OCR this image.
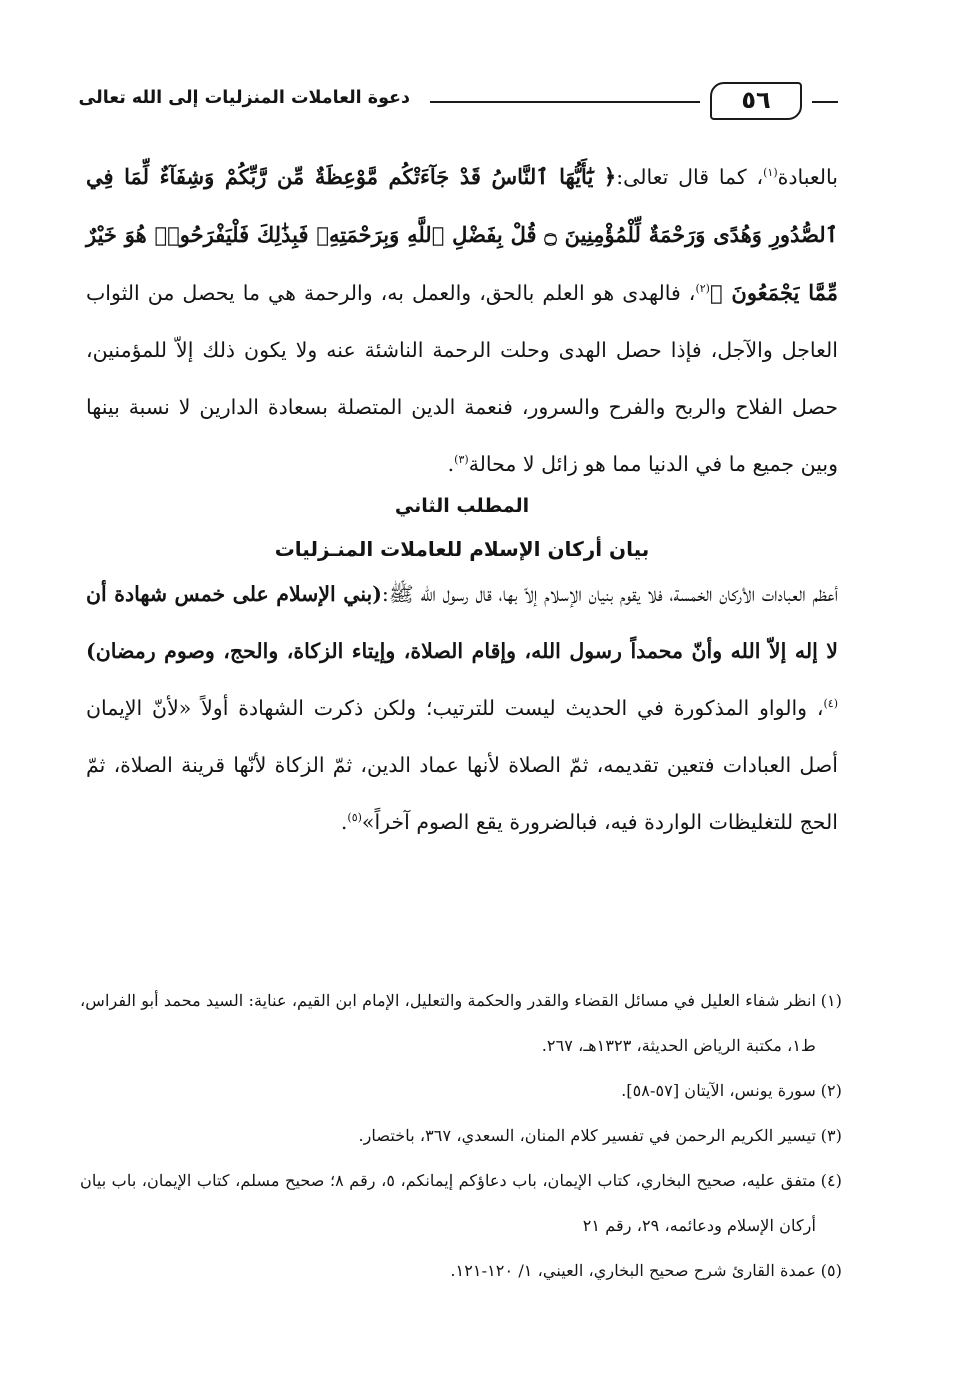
دعوة العاملات المنزليات إلى الله تعالى	٥٦

بالعبادة$^{(١)}$، كما قال تعالى:﴿ يَٰٓأَيُّهَا ٱلنَّاسُ قَدْ جَآءَتْكُم مَّوْعِظَةٌ مِّن رَّبِّكُمْ وَشِفَآءٌ لِّمَا فِي ٱلصُّدُورِ وَهُدًى وَرَحْمَةٌ لِّلْمُؤْمِنِينَ ۝ قُلْ بِفَضْلِ ٱللَّهِ وَبِرَحْمَتِهِۦ فَبِذَٰلِكَ فَلْيَفْرَحُوا۟ هُوَ خَيْرٌ مِّمَّا يَجْمَعُونَ ﴾$^{(٢)}$، فالهدى هو العلم بالحق، والعمل به، والرحمة هي ما يحصل من الثواب العاجل والآجل، فإذا حصل الهدى وحلت الرحمة الناشئة عنه ولا يكون ذلك إلاّ للمؤمنين، حصل الفلاح والربح والفرح والسرور، فنعمة الدين المتصلة بسعادة الدارين لا نسبة بينها وبين جميع ما في الدنيا مما هو زائل لا محالة$^{(٣)}$.

المطلب الثاني
بيان أركان الإسلام للعاملات المنـزليات

أعظم العبادات الأركان الخمسة، فلا يقوم بنيان الإسلام إلاّ بها، قال رسول الله ﷺ:(بني الإسلام على خمس شهادة أن لا إله إلاّ الله وأنّ محمداً رسول الله، وإقام الصلاة، وإيتاء الزكاة، والحج، وصوم رمضان)$^{(٤)}$، والواو المذكورة في الحديث ليست للترتيب؛ ولكن ذكرت الشهادة أولاً «لأنّ الإيمان أصل العبادات فتعين تقديمه، ثمّ الصلاة لأنها عماد الدين، ثمّ الزكاة لأنّها قرينة الصلاة، ثمّ الحج للتغليظات الواردة فيه، فبالضرورة يقع الصوم آخراً»$^{(٥)}$.

(١)
انظر شفاء العليل في مسائل القضاء والقدر والحكمة والتعليل، الإمام ابن القيم، عناية: السيد محمد أبو الفراس، ط١، مكتبة الرياض الحديثة، ١٣٢٣هـ، ٢٦٧.
(٢)
سورة يونس، الآيتان [٥٧-٥٨].
(٣)
تيسير الكريم الرحمن في تفسير كلام المنان، السعدي، ٣٦٧، باختصار.
(٤)
متفق عليه، صحيح البخاري، كتاب الإيمان، باب دعاؤكم إيمانكم، ٥، رقم ٨؛ صحيح مسلم، كتاب الإيمان، باب بيان أركان الإسلام ودعائمه، ٢٩، رقم ٢١
(٥)
عمدة القارئ شرح صحيح البخاري، العيني، ١/ ١٢٠-١٢١.
